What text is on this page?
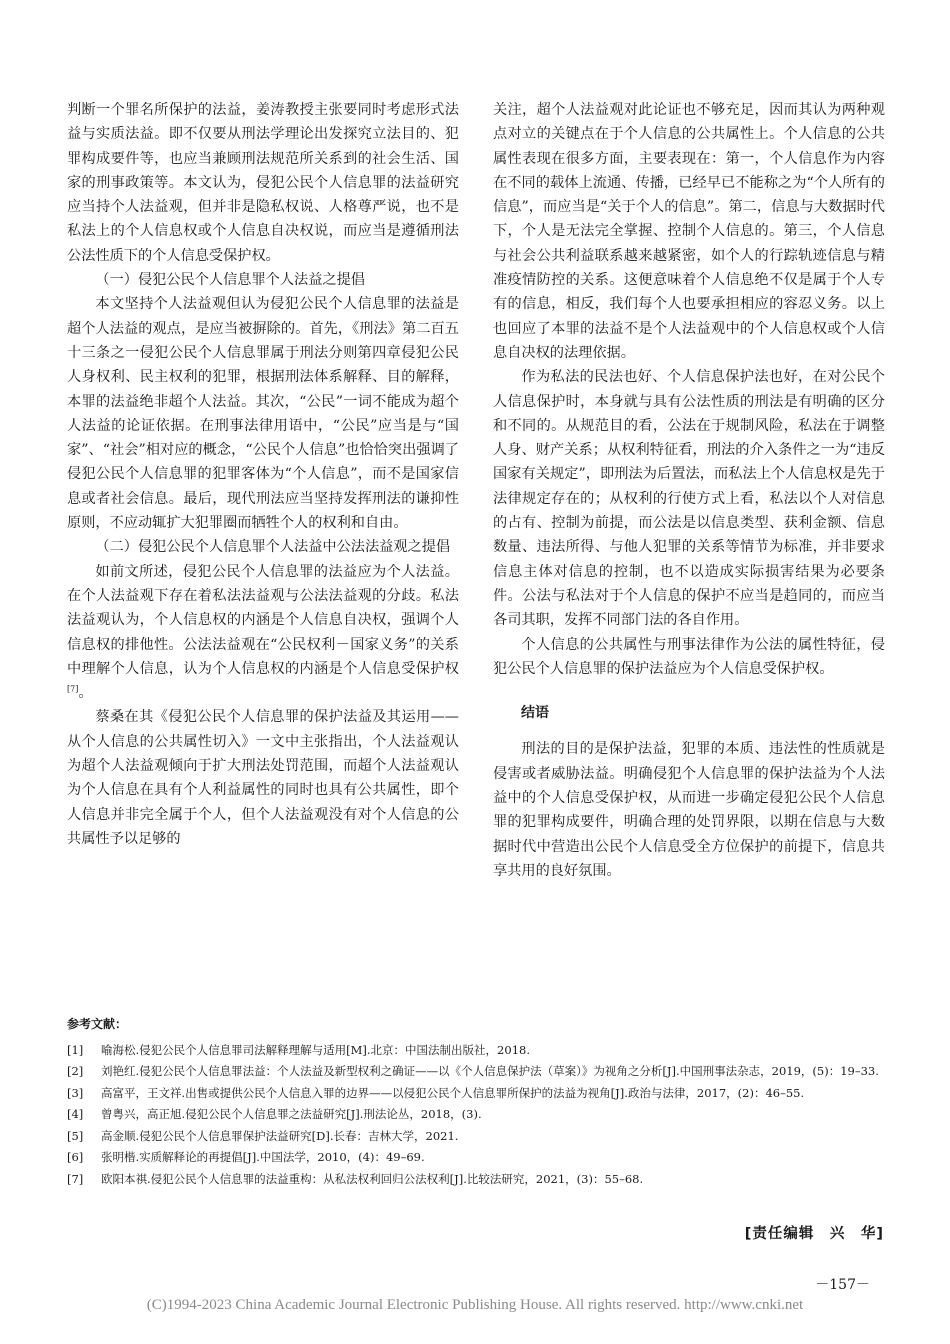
判断一个罪名所保护的法益，姜涛教授主张要同时考虑形式法益与实质法益。即不仅要从刑法学理论出发探究立法目的、犯罪构成要件等，也应当兼顾刑法规范所关系到的社会生活、国家的刑事政策等。本文认为，侵犯公民个人信息罪的法益研究应当持个人法益观，但并非是隐私权说、人格尊严说，也不是私法上的个人信息权或个人信息自决权说，而应当是遵循刑法公法性质下的个人信息受保护权。

（一）侵犯公民个人信息罪个人法益之提倡

本文坚持个人法益观但认为侵犯公民个人信息罪的法益是超个人法益的观点，是应当被摒除的。首先，《刑法》第二百五十三条之一侵犯公民个人信息罪属于刑法分则第四章侵犯公民人身权利、民主权利的犯罪，根据刑法体系解释、目的解释，本罪的法益绝非超个人法益。其次，“公民”一词不能成为超个人法益的论证依据。在刑事法律用语中，“公民”应当是与“国家”、“社会”相对应的概念，“公民个人信息”也恰恰突出强调了侵犯公民个人信息罪的犯罪客体为“个人信息”，而不是国家信息或者社会信息。最后，现代刑法应当坚持发挥刑法的谦抑性原则，不应动辄扩大犯罪圈而牺牲个人的权利和自由。

（二）侵犯公民个人信息罪个人法益中公法法益观之提倡

如前文所述，侵犯公民个人信息罪的法益应为个人法益。在个人法益观下存在着私法法益观与公法法益观的分歧。私法法益观认为，个人信息权的内涵是个人信息自决权，强调个人信息权的排他性。公法法益观在“公民权利－国家义务”的关系中理解个人信息，认为个人信息权的内涵是个人信息受保护权[7]。

蔡桑在其《侵犯公民个人信息罪的保护法益及其运用——从个人信息的公共属性切入》一文中主张指出，个人法益观认为超个人法益观倾向于扩大刑法处罚范围，而超个人法益观认为个人信息在具有个人利益属性的同时也具有公共属性，即个人信息并非完全属于个人，但个人法益观没有对个人信息的公共属性予以足够的

关注，超个人法益观对此论证也不够充足，因而其认为两种观点对立的关键点在于个人信息的公共属性上。个人信息的公共属性表现在很多方面，主要表现在：第一，个人信息作为内容在不同的载体上流通、传播，已经早已不能称之为“个人所有的信息”，而应当是“关于个人的信息”。第二，信息与大数据时代下，个人是无法完全掌握、控制个人信息的。第三，个人信息与社会公共利益联系越来越紧密，如个人的行踪轨迹信息与精准疫情防控的关系。这便意味着个人信息绝不仅是属于个人专有的信息，相反，我们每个人也要承担相应的容忍义务。以上也回应了本罪的法益不是个人法益观中的个人信息权或个人信息自决权的法理依据。

作为私法的民法也好、个人信息保护法也好，在对公民个人信息保护时，本身就与具有公法性质的刑法是有明确的区分和不同的。从规范目的看，公法在于规制风险，私法在于调整人身、财产关系；从权利特征看，刑法的介入条件之一为“违反国家有关规定”，即刑法为后置法，而私法上个人信息权是先于法律规定存在的；从权利的行使方式上看，私法以个人对信息的占有、控制为前提，而公法是以信息类型、获利金额、信息数量、违法所得、与他人犯罪的关系等情节为标准，并非要求信息主体对信息的控制，也不以造成实际损害结果为必要条件。公法与私法对于个人信息的保护不应当是趋同的，而应当各司其职，发挥不同部门法的各自作用。

个人信息的公共属性与刑事法律作为公法的属性特征，侵犯公民个人信息罪的保护法益应为个人信息受保护权。

结语

刑法的目的是保护法益，犯罪的本质、违法性的性质就是侵害或者威胁法益。明确侵犯个人信息罪的保护法益为个人法益中的个人信息受保护权，从而进一步确定侵犯公民个人信息罪的犯罪构成要件，明确合理的处罚界限，以期在信息与大数据时代中营造出公民个人信息受全方位保护的前提下，信息共享共用的良好氛围。

参考文献：
[1] 喻海松.侵犯公民个人信息罪司法解释理解与适用[M].北京：中国法制出版社，2018.
[2] 刘艳红.侵犯公民个人信息罪法益：个人法益及新型权利之确证——以《个人信息保护法（草案）》为视角之分析[J].中国刑事法杂志，2019，(5)：19–33.
[3] 高富平，王文祥.出售或提供公民个人信息入罪的边界——以侵犯公民个人信息罪所保护的法益为视角[J].政治与法律，2017，(2)：46–55.
[4] 曾粤兴，高正旭.侵犯公民个人信息罪之法益研究[J].刑法论丛，2018，(3).
[5] 高金顺.侵犯公民个人信息罪保护法益研究[D].长春：吉林大学，2021.
[6] 张明楷.实质解释论的再提倡[J].中国法学，2010，(4)：49–69.
[7] 欧阳本祺.侵犯公民个人信息罪的法益重构：从私法权利回归公法权利[J].比较法研究，2021，(3)：55–68.
[责任编辑　兴　华]
－157－
(C)1994-2023 China Academic Journal Electronic Publishing House. All rights reserved. http://www.cnki.net
